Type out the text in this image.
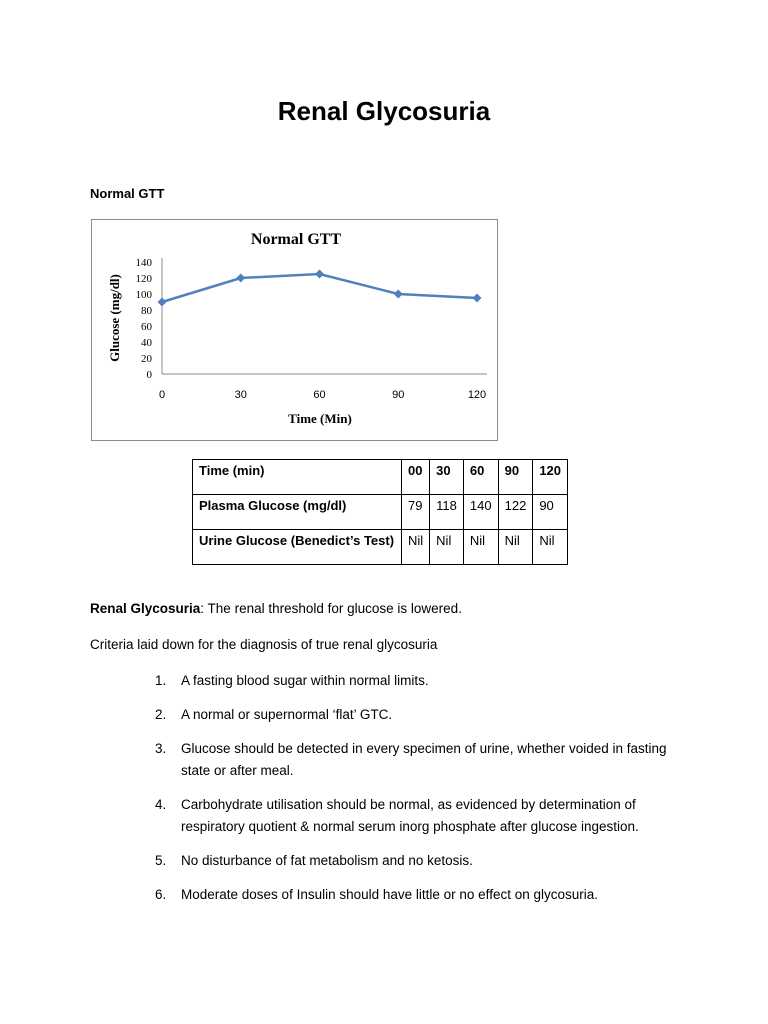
Renal Glycosuria
Normal GTT
Normal GTT
0
20
40
60
80
100
120
140
0	30	60	90	120
Time (Min)
Glucose (mg/dl)
Time (min)	00	30	60	90	120
Plasma Glucose (mg/dl)	79	118	140	122	90
Urine Glucose (Benedict’s Test)	Nil	Nil	Nil	Nil	Nil
Renal Glycosuria: The renal threshold for glucose is lowered.
Criteria laid down for the diagnosis of true renal glycosuria
1. A fasting blood sugar within normal limits.
2. A normal or supernormal ‘flat’ GTC.
3. Glucose should be detected in every specimen of urine, whether voided in fasting state or after meal.
4. Carbohydrate utilisation should be normal, as evidenced by determination of respiratory quotient & normal serum inorg phosphate after glucose ingestion.
5. No disturbance of fat metabolism and no ketosis.
6. Moderate doses of Insulin should have little or no effect on glycosuria.
